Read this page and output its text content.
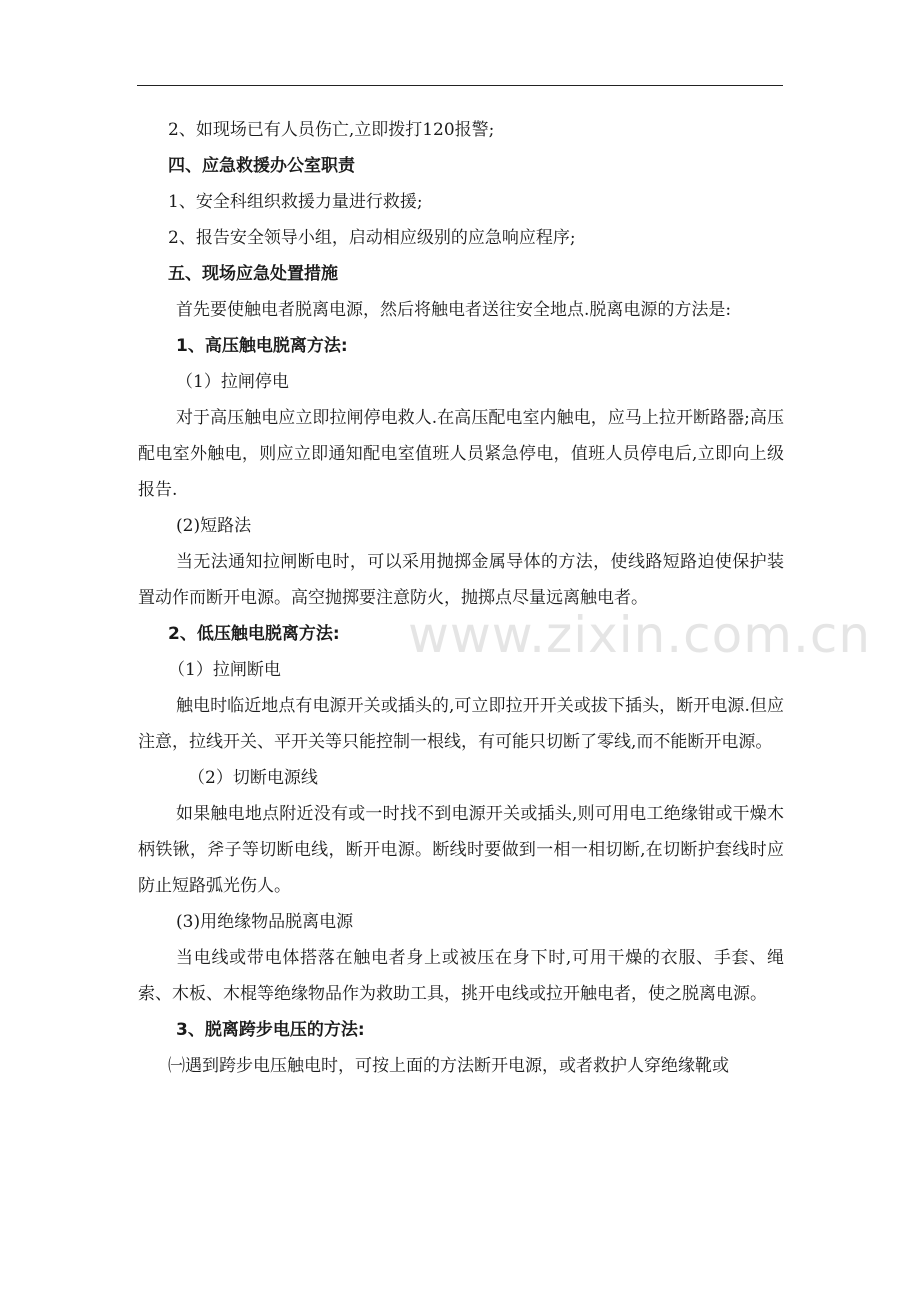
2、如现场已有人员伤亡,立即拨打120报警;

四、应急救援办公室职责

1、安全科组织救援力量进行救援;

2、报告安全领导小组，启动相应级别的应急响应程序;

五、现场应急处置措施

首先要使触电者脱离电源，然后将触电者送往安全地点.脱离电源的方法是:

1、高压触电脱离方法:

（1）拉闸停电

对于高压触电应立即拉闸停电救人.在高压配电室内触电，应马上拉开断路器;高压配电室外触电，则应立即通知配电室值班人员紧急停电，值班人员停电后,立即向上级报告.

(2)短路法

当无法通知拉闸断电时，可以采用抛掷金属导体的方法，使线路短路迫使保护装置动作而断开电源。高空抛掷要注意防火，抛掷点尽量远离触电者。

2、低压触电脱离方法:

（1）拉闸断电

触电时临近地点有电源开关或插头的,可立即拉开开关或拔下插头，断开电源.但应注意，拉线开关、平开关等只能控制一根线，有可能只切断了零线,而不能断开电源。

（2）切断电源线

如果触电地点附近没有或一时找不到电源开关或插头,则可用电工绝缘钳或干燥木柄铁锹，斧子等切断电线，断开电源。断线时要做到一相一相切断,在切断护套线时应防止短路弧光伤人。

(3)用绝缘物品脱离电源

当电线或带电体搭落在触电者身上或被压在身下时,可用干燥的衣服、手套、绳索、木板、木棍等绝缘物品作为救助工具，挑开电线或拉开触电者，使之脱离电源。

3、脱离跨步电压的方法:

㈠遇到跨步电压触电时，可按上面的方法断开电源，或者救护人穿绝缘靴或

www.zixin.com.cn
